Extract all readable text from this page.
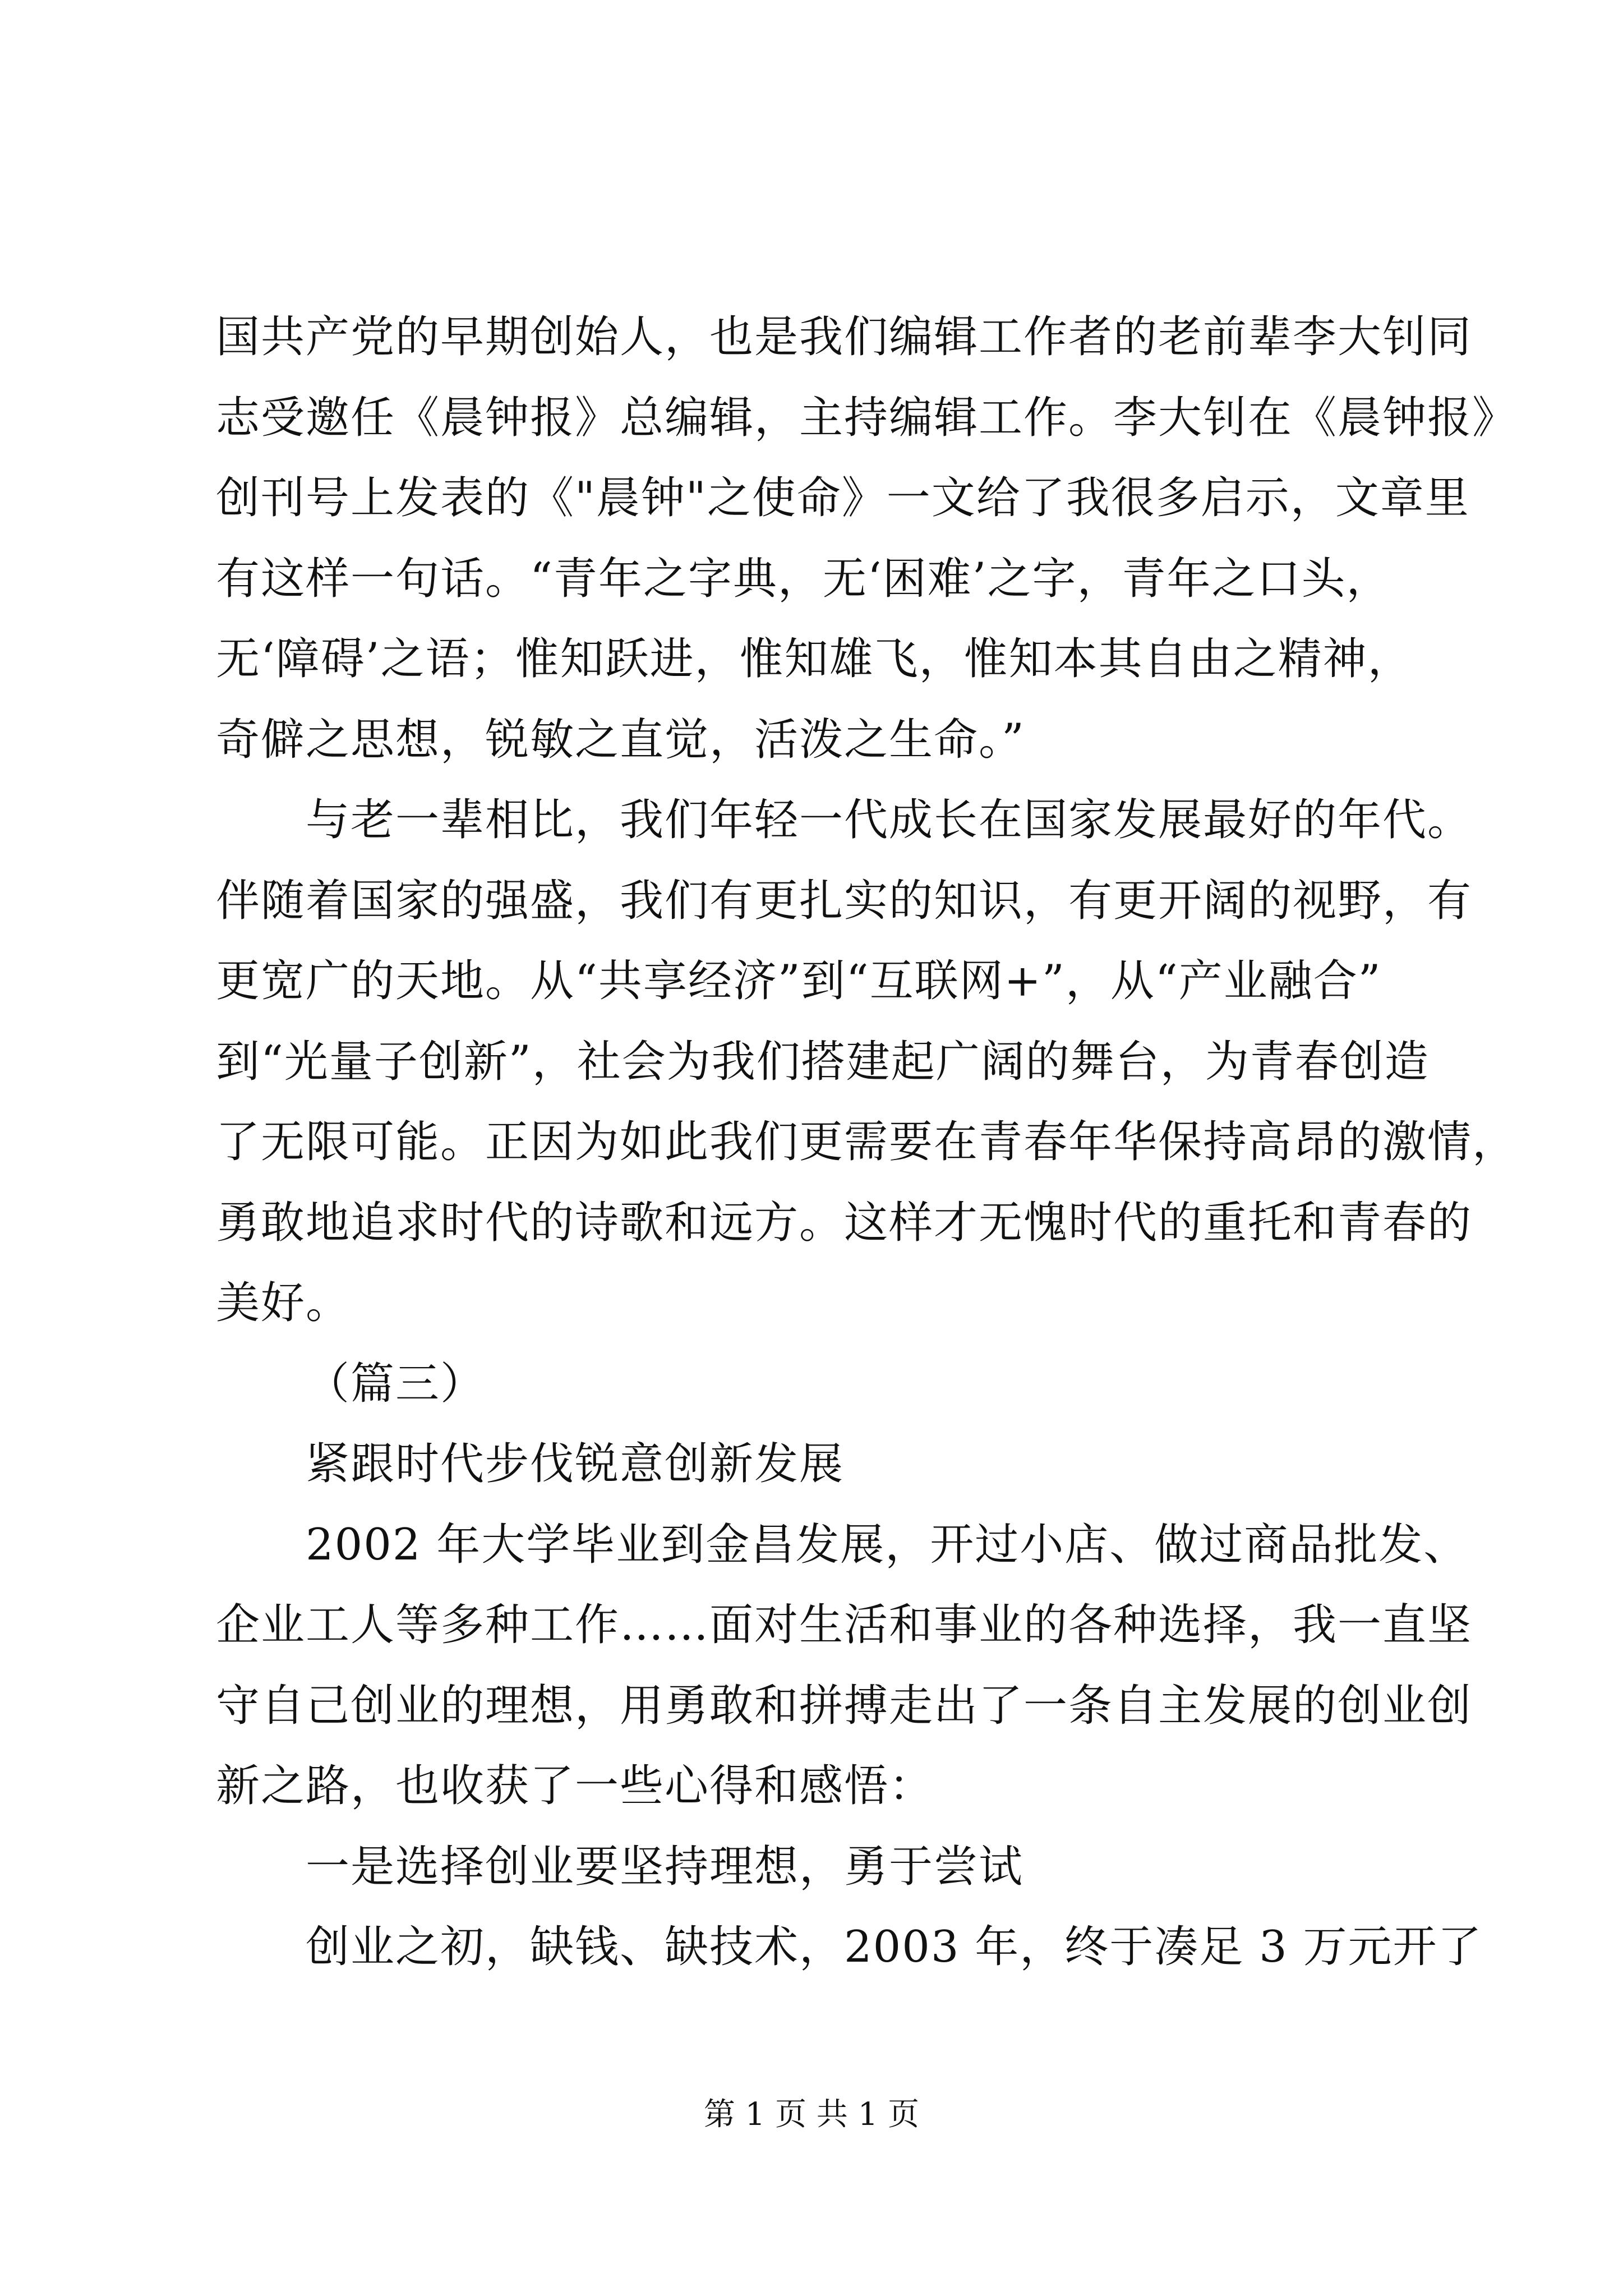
国共产党的早期创始人，也是我们编辑工作者的老前辈李大钊同
志受邀任《晨钟报》总编辑，主持编辑工作。李大钊在《晨钟报》
创刊号上发表的《"晨钟"之使命》一文给了我很多启示，文章里
有这样一句话。“青年之字典，无‘困难’之字，青年之口头，
无‘障碍’之语；惟知跃进，惟知雄飞，惟知本其自由之精神，
奇僻之思想，锐敏之直觉，活泼之生命。”
与老一辈相比，我们年轻一代成长在国家发展最好的年代。
伴随着国家的强盛，我们有更扎实的知识，有更开阔的视野，有
更宽广的天地。从“共享经济”到“互联网+”，从“产业融合”
到“光量子创新”，社会为我们搭建起广阔的舞台，为青春创造
了无限可能。正因为如此我们更需要在青春年华保持高昂的激情，
勇敢地追求时代的诗歌和远方。这样才无愧时代的重托和青春的
美好。
（篇三）
紧跟时代步伐锐意创新发展
2002 年大学毕业到金昌发展，开过小店、做过商品批发、
企业工人等多种工作……面对生活和事业的各种选择，我一直坚
守自己创业的理想，用勇敢和拼搏走出了一条自主发展的创业创
新之路，也收获了一些心得和感悟：
一是选择创业要坚持理想，勇于尝试
创业之初，缺钱、缺技术，2003 年，终于凑足 3 万元开了
第 1 页 共 1 页
